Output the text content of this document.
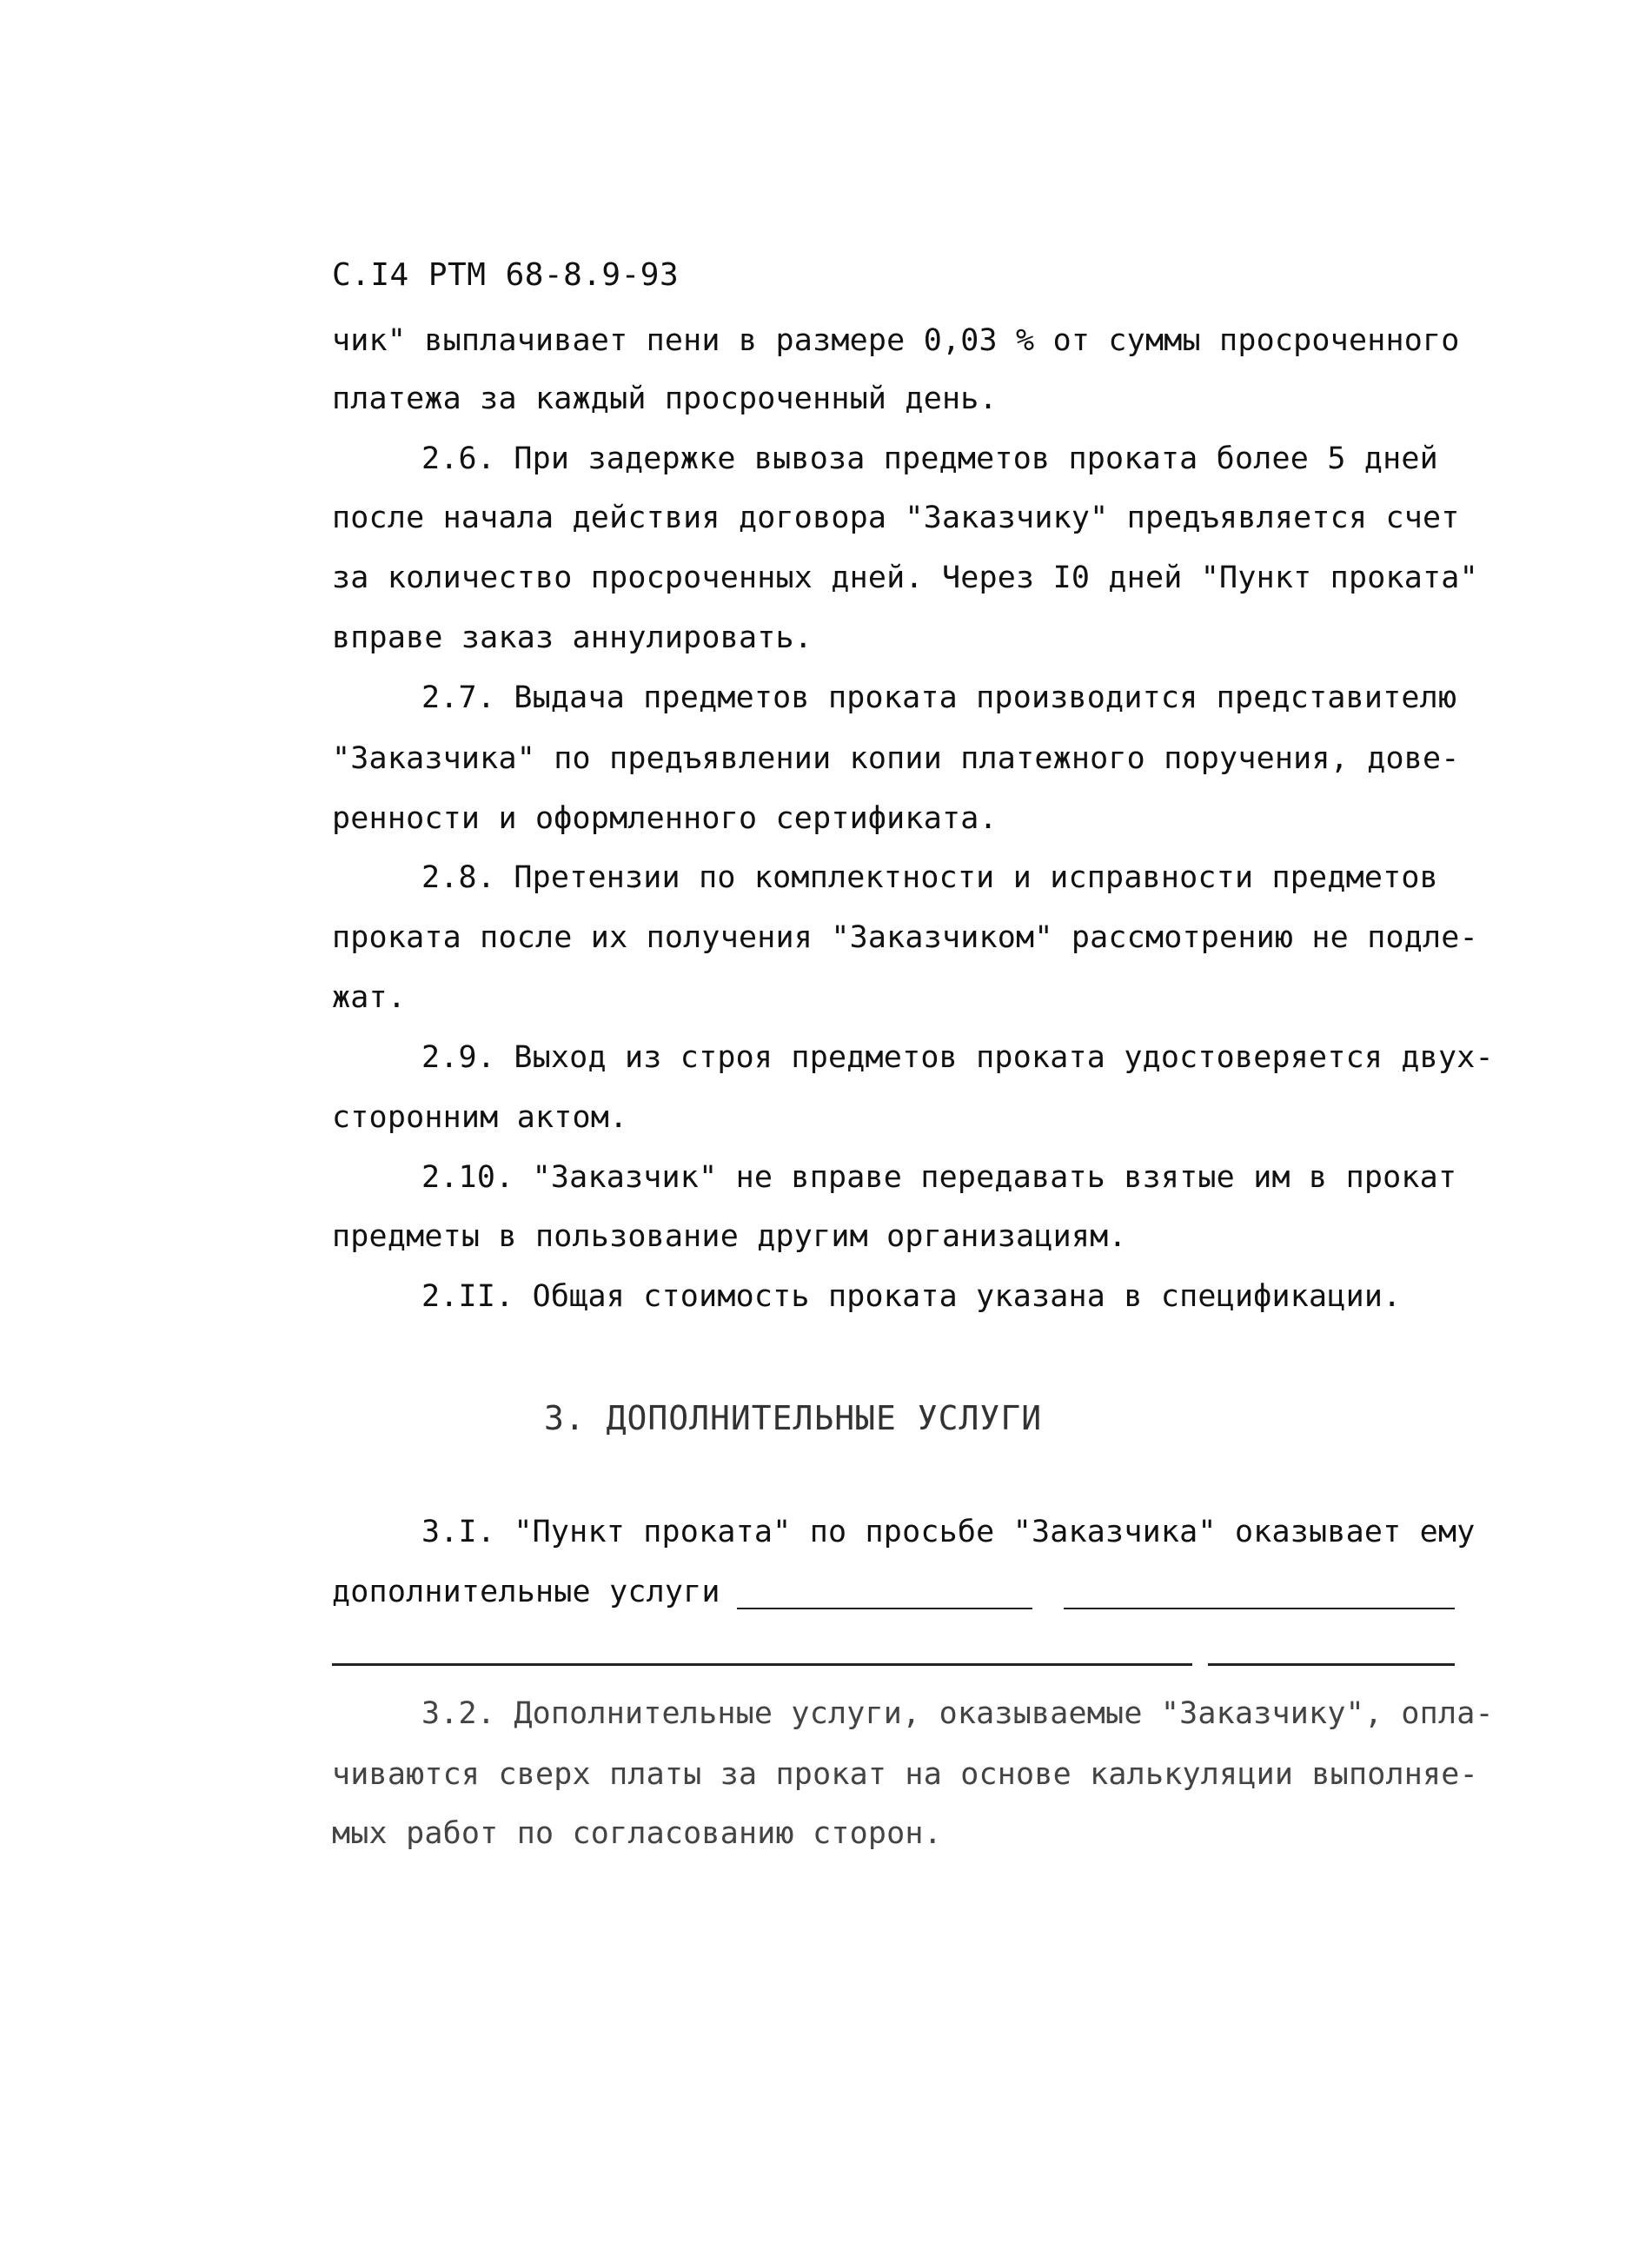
С.I4 РТМ 68-8.9-93
чик" выплачивает пени в размере 0,03 % от суммы просроченного
платежа за каждый просроченный день.
2.6. При задержке вывоза предметов проката более 5 дней
после начала действия договора "Заказчику" предъявляется счет
за количество просроченных дней. Через I0 дней "Пункт проката"
вправе заказ аннулировать.
2.7. Выдача предметов проката производится представителю
"Заказчика" по предъявлении копии платежного поручения, дове-
ренности и оформленного сертификата.
2.8. Претензии по комплектности и исправности предметов
проката после их получения "Заказчиком" рассмотрению не подле-
жат.
2.9. Выход из строя предметов проката удостоверяется двух-
сторонним актом.
2.10. "Заказчик" не вправе передавать взятые им в прокат
предметы в пользование другим организациям.
2.II. Общая стоимость проката указана в спецификации.
3. ДОПОЛНИТЕЛЬНЫЕ УСЛУГИ
3.I. "Пункт проката" по просьбе "Заказчика" оказывает ему
дополнительные услуги
3.2. Дополнительные услуги, оказываемые "Заказчику", опла-
чиваются сверх платы за прокат на основе калькуляции выполняе-
мых работ по согласованию сторон.
